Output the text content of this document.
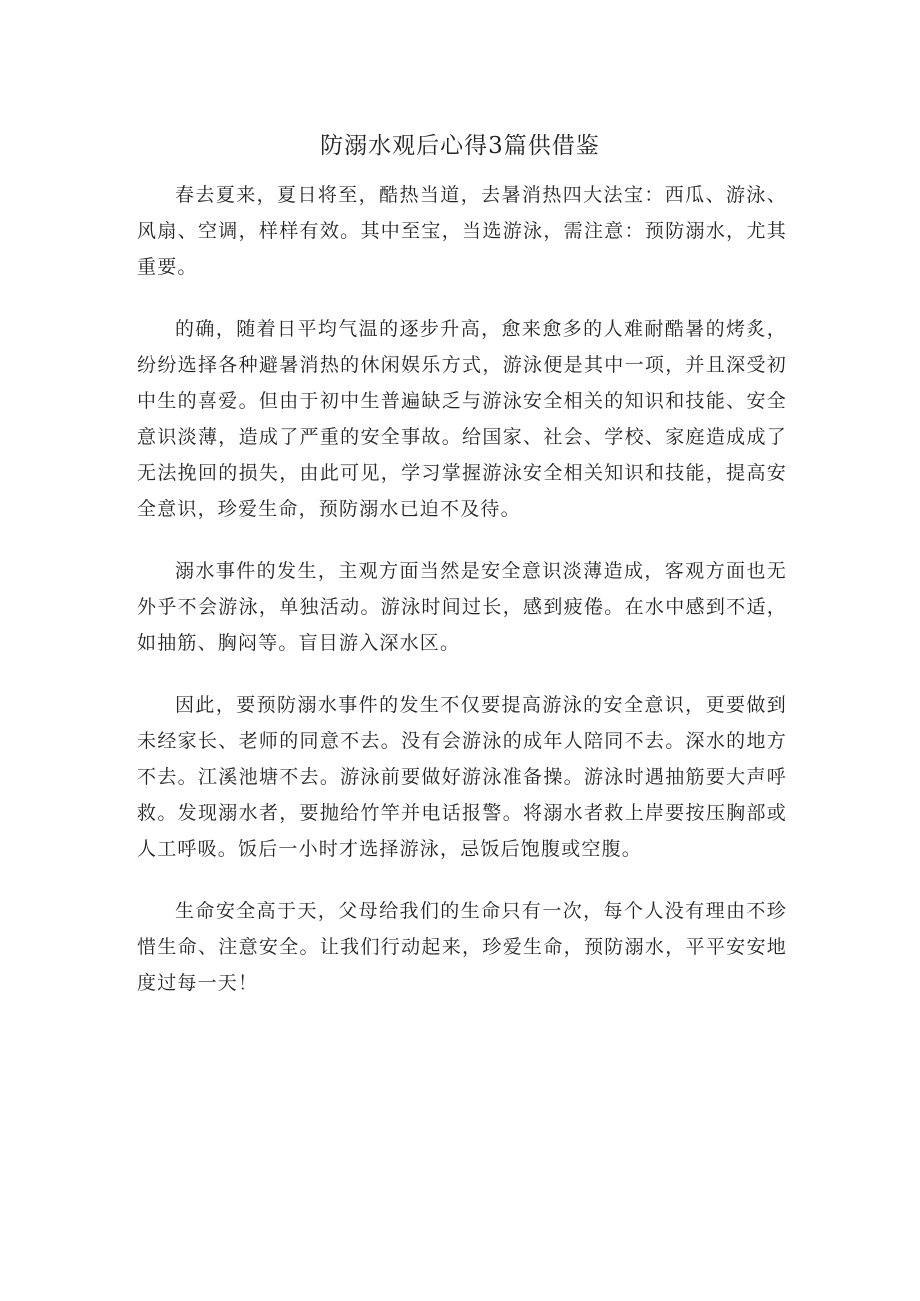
防溺水观后心得3篇供借鉴

春去夏来，夏日将至，酷热当道，去暑消热四大法宝：西瓜、游泳、风扇、空调，样样有效。其中至宝，当选游泳，需注意：预防溺水，尤其重要。

的确，随着日平均气温的逐步升高，愈来愈多的人难耐酷暑的烤炙，纷纷选择各种避暑消热的休闲娱乐方式，游泳便是其中一项，并且深受初中生的喜爱。但由于初中生普遍缺乏与游泳安全相关的知识和技能、安全意识淡薄，造成了严重的安全事故。给国家、社会、学校、家庭造成成了无法挽回的损失，由此可见，学习掌握游泳安全相关知识和技能，提高安全意识，珍爱生命，预防溺水已迫不及待。

溺水事件的发生，主观方面当然是安全意识淡薄造成，客观方面也无外乎不会游泳，单独活动。游泳时间过长，感到疲倦。在水中感到不适，如抽筋、胸闷等。盲目游入深水区。

因此，要预防溺水事件的发生不仅要提高游泳的安全意识，更要做到未经家长、老师的同意不去。没有会游泳的成年人陪同不去。深水的地方不去。江溪池塘不去。游泳前要做好游泳准备操。游泳时遇抽筋要大声呼救。发现溺水者，要抛给竹竿并电话报警。将溺水者救上岸要按压胸部或人工呼吸。饭后一小时才选择游泳，忌饭后饱腹或空腹。

生命安全高于天，父母给我们的生命只有一次，每个人没有理由不珍惜生命、注意安全。让我们行动起来，珍爱生命，预防溺水，平平安安地度过每一天！
